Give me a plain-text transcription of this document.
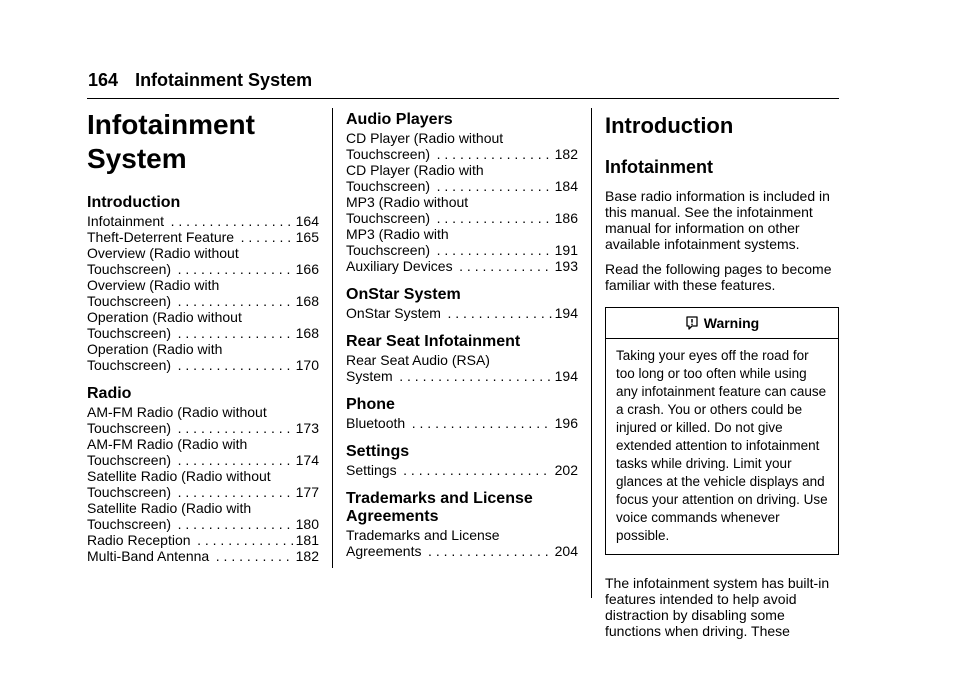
164 Infotainment System
Infotainment
System
Introduction
Infotainment . . .	164
Theft-Deterrent Feature . . .	165
Overview (Radio without
Touchscreen) . . .	166
Overview (Radio with
Touchscreen) . . .	168
Operation (Radio without
Touchscreen) . . .	168
Operation (Radio with
Touchscreen) . . .	170
Radio
AM-FM Radio (Radio without
Touchscreen) . . .	173
AM-FM Radio (Radio with
Touchscreen) . . .	174
Satellite Radio (Radio without
Touchscreen) . . .	177
Satellite Radio (Radio with
Touchscreen) . . .	180
Radio Reception . . .	181
Multi-Band Antenna . . .	182
Audio Players
CD Player (Radio without
Touchscreen) . . .	182
CD Player (Radio with
Touchscreen) . . .	184
MP3 (Radio without
Touchscreen) . . .	186
MP3 (Radio with
Touchscreen) . . .	191
Auxiliary Devices . . .	193
OnStar System
OnStar System . . .	194
Rear Seat Infotainment
Rear Seat Audio (RSA)
System . . .	194
Phone
Bluetooth . . .	196
Settings
Settings . . .	202
Trademarks and License Agreements
Trademarks and License
Agreements . . .	204
Introduction
Infotainment

Base radio information is included in this manual. See the infotainment manual for information on other available infotainment systems.

Read the following pages to become familiar with these features.

Warning
Taking your eyes off the road for too long or too often while using any infotainment feature can cause a crash. You or others could be injured or killed. Do not give extended attention to infotainment tasks while driving. Limit your glances at the vehicle displays and focus your attention on driving. Use voice commands whenever possible.

The infotainment system has built-in features intended to help avoid distraction by disabling some functions when driving. These
